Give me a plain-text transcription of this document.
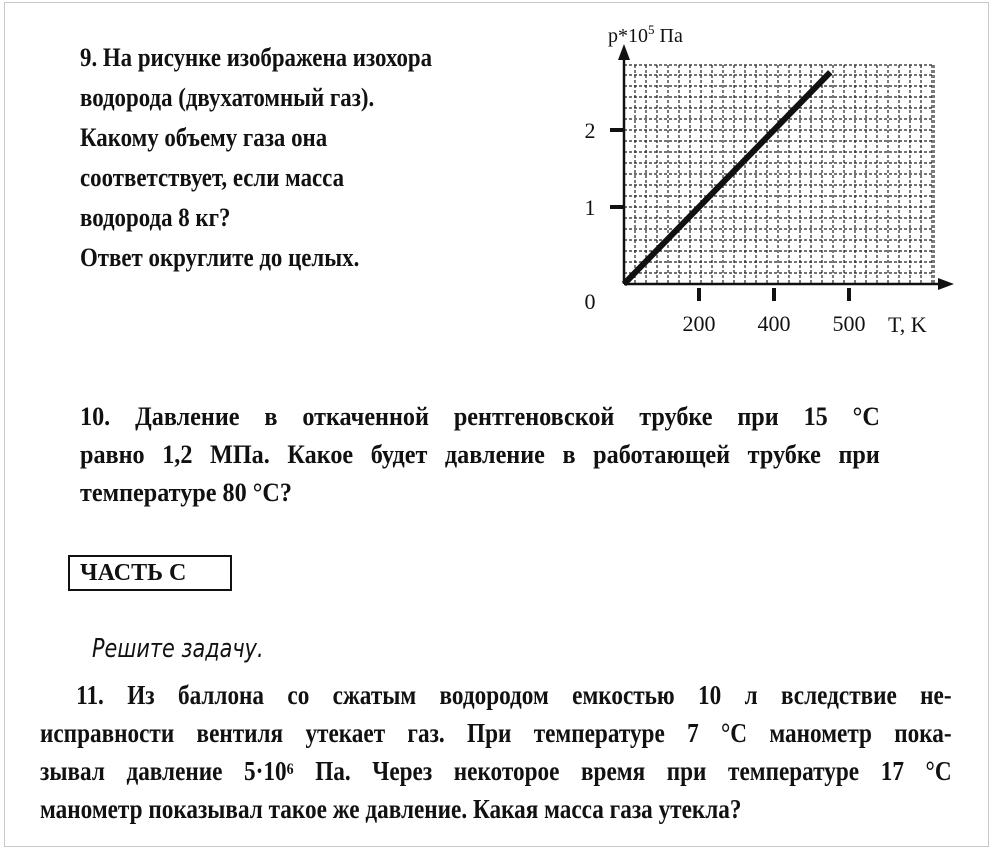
9. На рисунке изображена изохора
водорода (двухатомный газ).
Какому объему газа она
соответствует, если масса
водорода 8 кг?
Ответ округлите до целых.
200 400 500
0
1
2
$p*10^5$ Па
T, K
10. Давление в откаченной рентгеновской трубке при 15 °С
равно 1,2 МПа. Какое будет давление в работающей трубке при
температуре 80 °С?
ЧАСТЬ С
Решите задачу.
11. Из баллона со сжатым водородом емкостью 10 л вследствие не-
исправности вентиля утекает газ. При температуре 7 °С манометр пока-
зывал давление $5\cdot 10^6$ Па. Через некоторое время при температуре 17 °С
манометр показывал такое же давление. Какая масса газа утекла?
